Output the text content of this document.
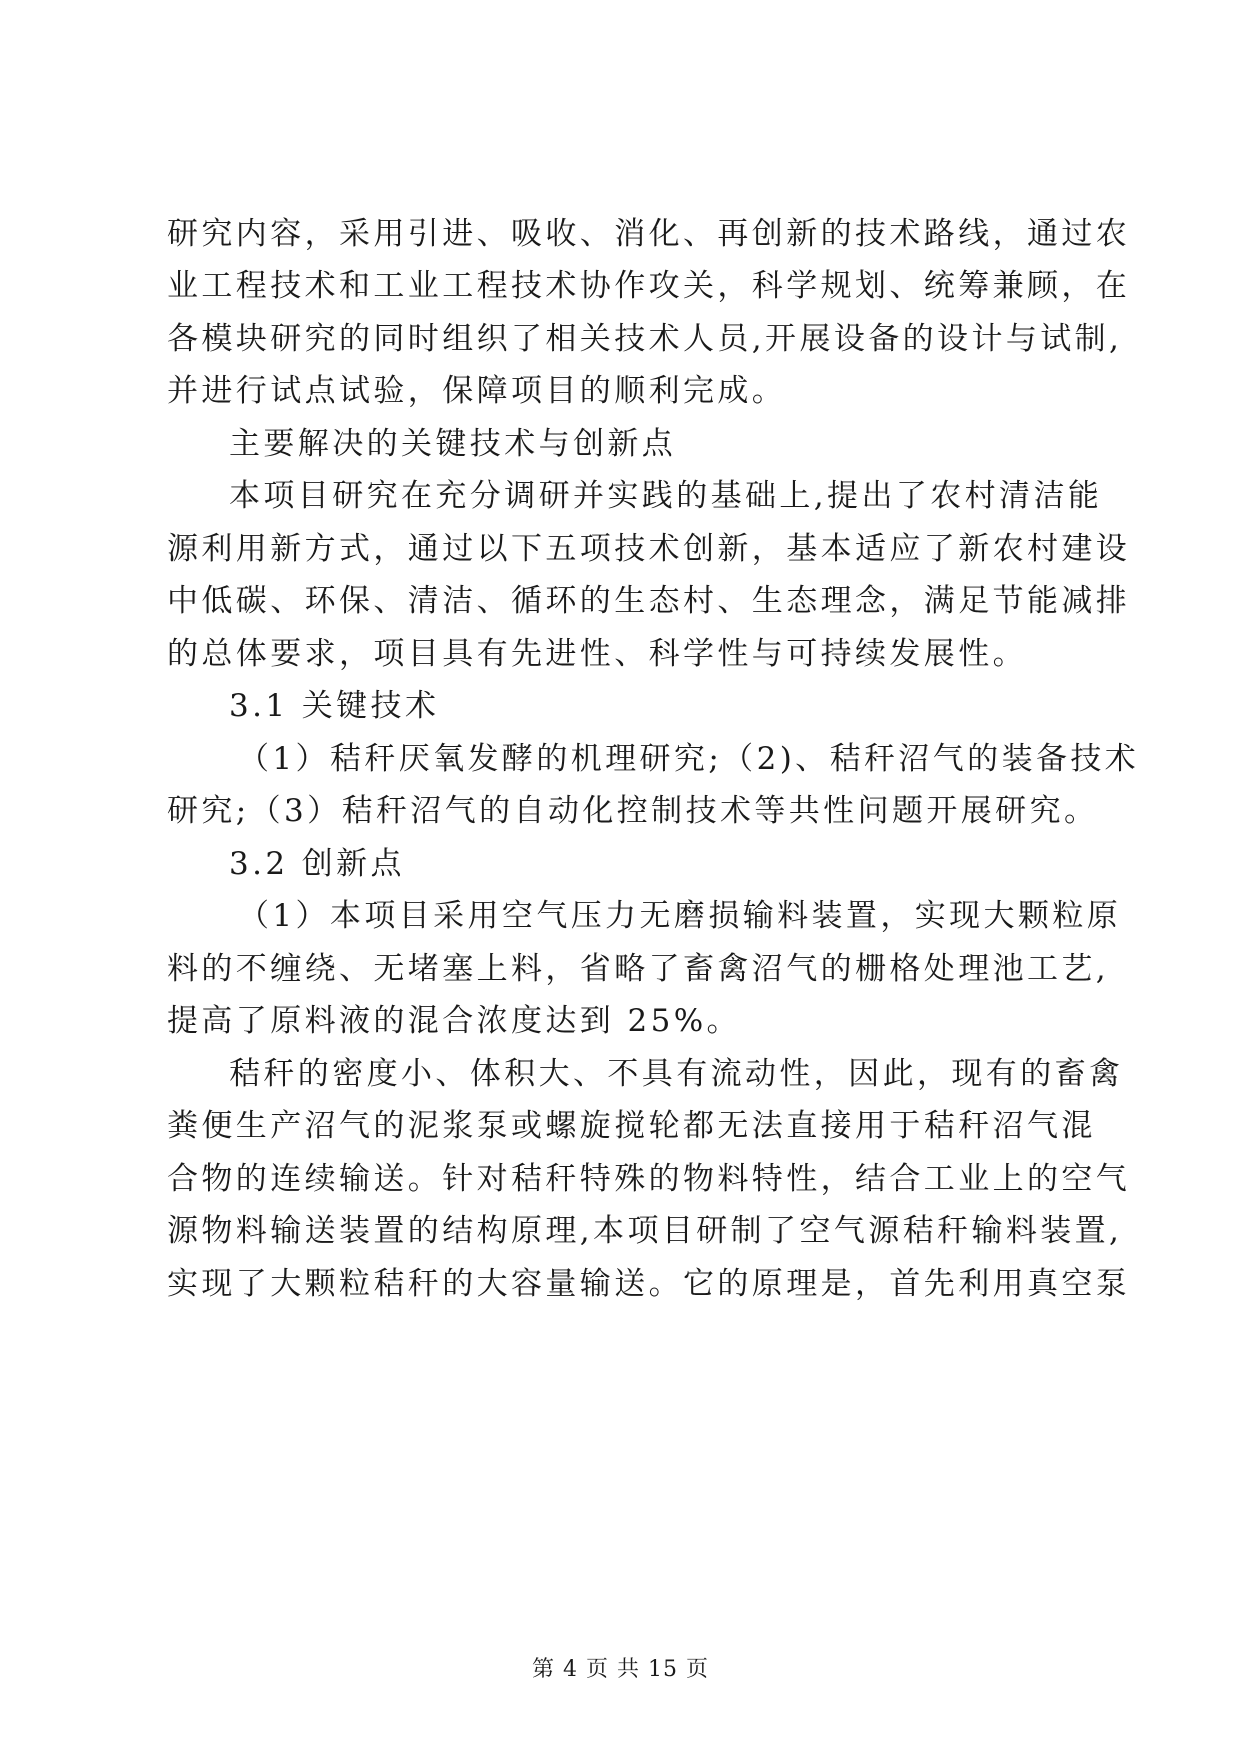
研究内容，采用引进、吸收、消化、再创新的技术路线，通过农
业工程技术和工业工程技术协作攻关，科学规划、统筹兼顾，在
各模块研究的同时组织了相关技术人员,开展设备的设计与试制,
并进行试点试验，保障项目的顺利完成。
主要解决的关键技术与创新点
本项目研究在充分调研并实践的基础上,提出了农村清洁能
源利用新方式，通过以下五项技术创新，基本适应了新农村建设
中低碳、环保、清洁、循环的生态村、生态理念，满足节能减排
的总体要求，项目具有先进性、科学性与可持续发展性。
3.1 关键技术
（1）秸秆厌氧发酵的机理研究;（2)、秸秆沼气的装备技术
研究;（3）秸秆沼气的自动化控制技术等共性问题开展研究。
3.2 创新点
（1）本项目采用空气压力无磨损输料装置，实现大颗粒原
料的不缠绕、无堵塞上料，省略了畜禽沼气的栅格处理池工艺,
提高了原料液的混合浓度达到 25%。
秸秆的密度小、体积大、不具有流动性，因此，现有的畜禽
粪便生产沼气的泥浆泵或螺旋搅轮都无法直接用于秸秆沼气混
合物的连续输送。针对秸秆特殊的物料特性，结合工业上的空气
源物料输送装置的结构原理,本项目研制了空气源秸秆输料装置,
实现了大颗粒秸秆的大容量输送。它的原理是，首先利用真空泵
第 4 页 共 15 页
